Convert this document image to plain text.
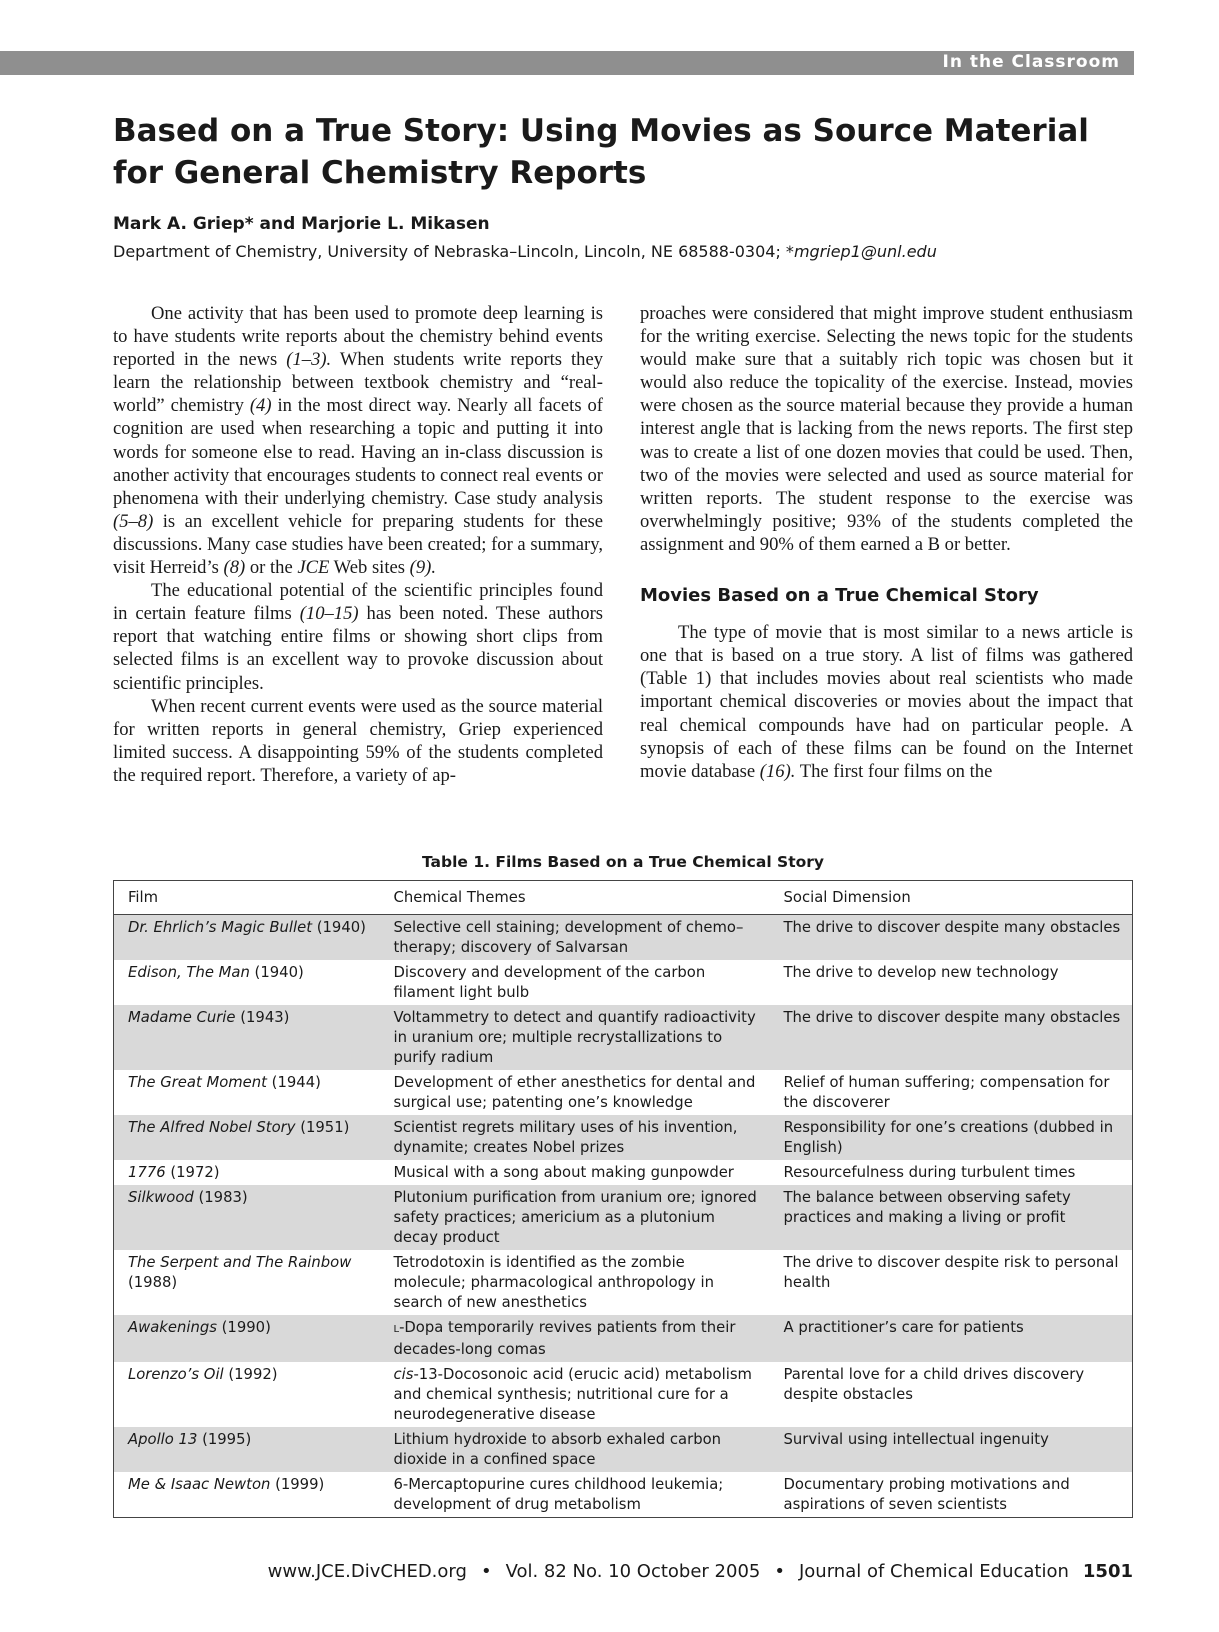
In the Classroom
Based on a True Story: Using Movies as Source Material
for General Chemistry Reports
Mark A. Griep* and Marjorie L. Mikasen
Department of Chemistry, University of Nebraska–Lincoln, Lincoln, NE 68588-0304; *mgriep1@unl.edu

One activity that has been used to promote deep learning is to have students write reports about the chemistry behind events reported in the news (1–3). When students write reports they learn the relationship between textbook chemistry and “real-world” chemistry (4) in the most direct way. Nearly all facets of cognition are used when researching a topic and putting it into words for someone else to read. Having an in-class discussion is another activity that encourages students to connect real events or phenomena with their underlying chemistry. Case study analysis (5–8) is an excellent vehicle for preparing students for these discussions. Many case studies have been created; for a summary, visit Herreid’s (8) or the JCE Web sites (9).

The educational potential of the scientific principles found in certain feature films (10–15) has been noted. These authors report that watching entire films or showing short clips from selected films is an excellent way to provoke discussion about scientific principles.

When recent current events were used as the source material for written reports in general chemistry, Griep experienced limited success. A disappointing 59% of the students completed the required report. Therefore, a variety of ap-

proaches were considered that might improve student enthusiasm for the writing exercise. Selecting the news topic for the students would make sure that a suitably rich topic was chosen but it would also reduce the topicality of the exercise. Instead, movies were chosen as the source material because they provide a human interest angle that is lacking from the news reports. The first step was to create a list of one dozen movies that could be used. Then, two of the movies were selected and used as source material for written reports. The student response to the exercise was overwhelmingly positive; 93% of the students completed the assignment and 90% of them earned a B or better.

Movies Based on a True Chemical Story

The type of movie that is most similar to a news article is one that is based on a true story. A list of films was gathered (Table 1) that includes movies about real scientists who made important chemical discoveries or movies about the impact that real chemical compounds have had on particular people. A synopsis of each of these films can be found on the Internet movie database (16). The first four films on the

Table 1. Films Based on a True Chemical Story
Film	Chemical Themes	Social Dimension
Dr. Ehrlich’s Magic Bullet (1940)	Selective cell staining; development of chemo–therapy; discovery of Salvarsan	The drive to discover despite many obstacles
Edison, The Man (1940)	Discovery and development of the carbon filament light bulb	The drive to develop new technology
Madame Curie (1943)	Voltammetry to detect and quantify radioactivity in uranium ore; multiple recrystallizations to purify radium	The drive to discover despite many obstacles
The Great Moment (1944)	Development of ether anesthetics for dental and surgical use; patenting one’s knowledge	Relief of human suffering; compensation for the discoverer
The Alfred Nobel Story (1951)	Scientist regrets military uses of his invention, dynamite; creates Nobel prizes	Responsibility for one’s creations (dubbed in English)
1776 (1972)	Musical with a song about making gunpowder	Resourcefulness during turbulent times
Silkwood (1983)	Plutonium purification from uranium ore; ignored safety practices; americium as a plutonium decay product	The balance between observing safety practices and making a living or profit
The Serpent and The Rainbow (1988)	Tetrodotoxin is identified as the zombie molecule; pharmacological anthropology in search of new anesthetics	The drive to discover despite risk to personal health
Awakenings (1990)	L-Dopa temporarily revives patients from their decades-long comas	A practitioner’s care for patients
Lorenzo’s Oil (1992)	cis-13-Docosonoic acid (erucic acid) metabolism and chemical synthesis; nutritional cure for a neurodegenerative disease	Parental love for a child drives discovery despite obstacles
Apollo 13 (1995)	Lithium hydroxide to absorb exhaled carbon dioxide in a confined space	Survival using intellectual ingenuity
Me & Isaac Newton (1999)	6-Mercaptopurine cures childhood leukemia; development of drug metabolism	Documentary probing motivations and aspirations of seven scientists
www.JCE.DivCHED.org • Vol. 82 No. 10 October 2005 • Journal of Chemical Education 1501
